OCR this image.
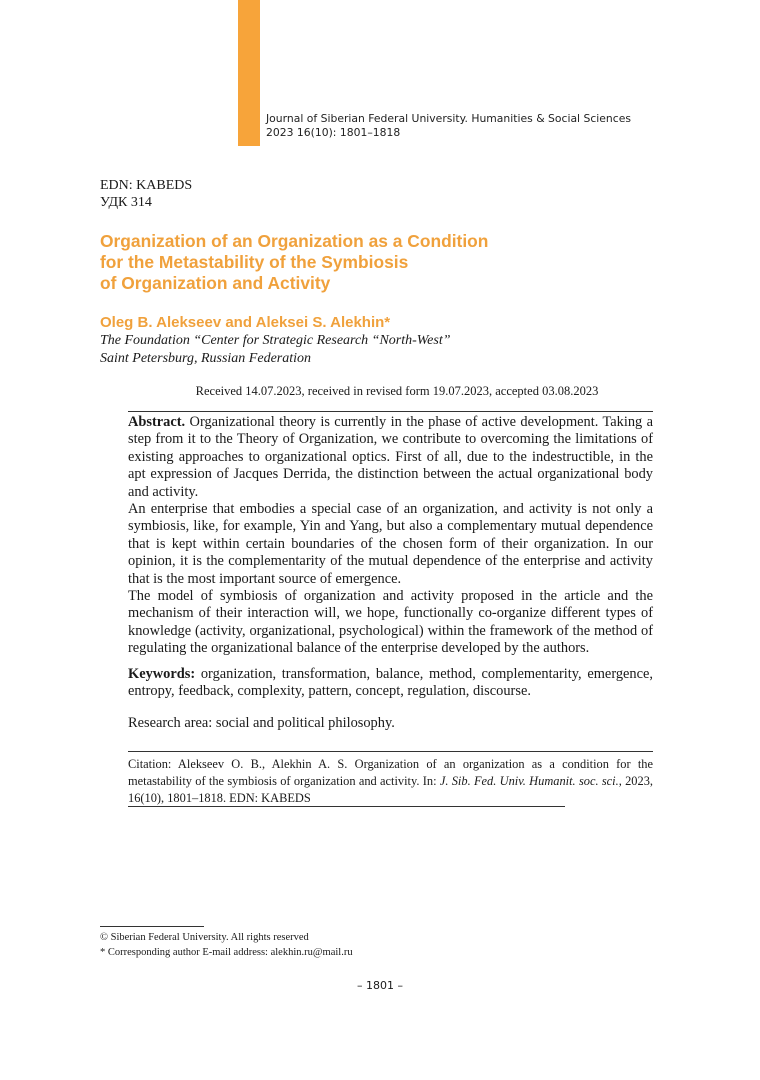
Journal of Siberian Federal University. Humanities & Social Sciences
2023 16(10): 1801–1818
EDN: KABEDS
УДК 314
Organization of an Organization as a Condition
for the Metastability of the Symbiosis
of Organization and Activity
Oleg B. Alekseev and Aleksei S. Alekhin*
The Foundation “Center for Strategic Research “North-West”
Saint Petersburg, Russian Federation
Received 14.07.2023, received in revised form 19.07.2023, accepted 03.08.2023

Abstract. Organizational theory is currently in the phase of active development. Taking a step from it to the Theory of Organization, we contribute to overcoming the limitations of existing approaches to organizational optics. First of all, due to the indestructible, in the apt expression of Jacques Derrida, the distinction between the actual organizational body and activity.

An enterprise that embodies a special case of an organization, and activity is not only a symbiosis, like, for example, Yin and Yang, but also a complementary mutual dependence that is kept within certain boundaries of the chosen form of their organization. In our opinion, it is the complementarity of the mutual dependence of the enterprise and activity that is the most important source of emergence.

The model of symbiosis of organization and activity proposed in the article and the mechanism of their interaction will, we hope, functionally co-organize different types of knowledge (activity, organizational, psychological) within the framework of the method of regulating the organizational balance of the enterprise developed by the authors.

Keywords: organization, transformation, balance, method, complementarity, emergence, entropy, feedback, complexity, pattern, concept, regulation, discourse.

Research area: social and political philosophy.

Citation: Alekseev O. B., Alekhin A. S. Organization of an organization as a condition for the metastability of the symbiosis of organization and activity. In: J. Sib. Fed. Univ. Humanit. soc. sci., 2023, 16(10), 1801–1818. EDN: KABEDS

© Siberian Federal University. All rights reserved
* Corresponding author E-mail address: alekhin.ru@mail.ru
– 1801 –
